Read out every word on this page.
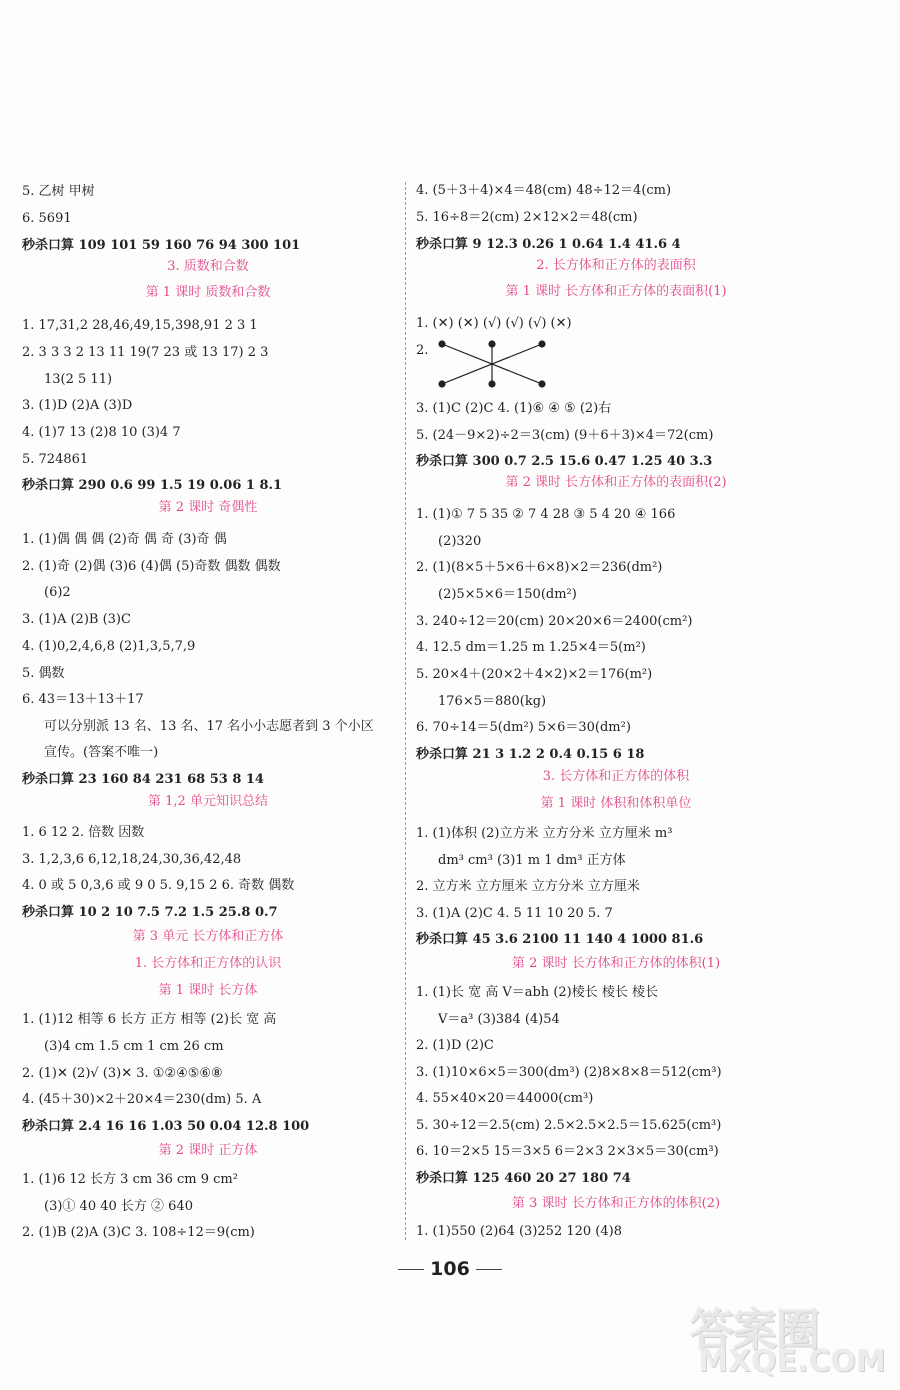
5. 乙树 甲树
6. 5691
秒杀口算 109 101 59 160 76 94 300 101
3. 质数和合数
第 1 课时 质数和合数
1. 17,31,2 28,46,49,15,398,91 2 3 1
2. 3 3 3 2 13 11 19(7 23 或 13 17) 2 3
13(2 5 11)
3. (1)D (2)A (3)D
4. (1)7 13 (2)8 10 (3)4 7
5. 724861
秒杀口算 290 0.6 99 1.5 19 0.06 1 8.1
第 2 课时 奇偶性
1. (1)偶 偶 偶 (2)奇 偶 奇 (3)奇 偶
2. (1)奇 (2)偶 (3)6 (4)偶 (5)奇数 偶数 偶数
(6)2
3. (1)A (2)B (3)C
4. (1)0,2,4,6,8 (2)1,3,5,7,9
5. 偶数
6. 43＝13＋13＋17
可以分别派 13 名、13 名、17 名小小志愿者到 3 个小区
宣传。(答案不唯一)
秒杀口算 23 160 84 231 68 53 8 14
第 1,2 单元知识总结
1. 6 12 2. 倍数 因数
3. 1,2,3,6 6,12,18,24,30,36,42,48
4. 0 或 5 0,3,6 或 9 0 5. 9,15 2 6. 奇数 偶数
秒杀口算 10 2 10 7.5 7.2 1.5 25.8 0.7
第 3 单元 长方体和正方体
1. 长方体和正方体的认识
第 1 课时 长方体
1. (1)12 相等 6 长方 正方 相等 (2)长 宽 高
(3)4 cm 1.5 cm 1 cm 26 cm
2. (1)✕ (2)√ (3)✕ 3. ①②④⑤⑥⑧
4. (45＋30)×2＋20×4＝230(dm) 5. A
秒杀口算 2.4 16 16 1.03 50 0.04 12.8 100
第 2 课时 正方体
1. (1)6 12 长方 3 cm 36 cm 9 cm²
(3)① 40 40 长方 ② 640
2. (1)B (2)A (3)C 3. 108÷12＝9(cm)
4. (5＋3＋4)×4＝48(cm) 48÷12＝4(cm)
5. 16÷8＝2(cm) 2×12×2＝48(cm)
秒杀口算 9 12.3 0.26 1 0.64 1.4 41.6 4
2. 长方体和正方体的表面积
第 1 课时 长方体和正方体的表面积(1)
1. (✕) (✕) (√) (√) (√) (✕)
2.
3. (1)C (2)C 4. (1)⑥ ④ ⑤ (2)右
5. (24－9×2)÷2＝3(cm) (9＋6＋3)×4＝72(cm)
秒杀口算 300 0.7 2.5 15.6 0.47 1.25 40 3.3
第 2 课时 长方体和正方体的表面积(2)
1. (1)① 7 5 35 ② 7 4 28 ③ 5 4 20 ④ 166
(2)320
2. (1)(8×5＋5×6＋6×8)×2＝236(dm²)
(2)5×5×6＝150(dm²)
3. 240÷12＝20(cm) 20×20×6＝2400(cm²)
4. 12.5 dm＝1.25 m 1.25×4＝5(m²)
5. 20×4＋(20×2＋4×2)×2＝176(m²)
176×5＝880(kg)
6. 70÷14＝5(dm²) 5×6＝30(dm²)
秒杀口算 21 3 1.2 2 0.4 0.15 6 18
3. 长方体和正方体的体积
第 1 课时 体积和体积单位
1. (1)体积 (2)立方米 立方分米 立方厘米 m³
dm³ cm³ (3)1 m 1 dm³ 正方体
2. 立方米 立方厘米 立方分米 立方厘米
3. (1)A (2)C 4. 5 11 10 20 5. 7
秒杀口算 45 3.6 2100 11 140 4 1000 81.6
第 2 课时 长方体和正方体的体积(1)
1. (1)长 宽 高 V＝abh (2)棱长 棱长 棱长
V＝a³ (3)384 (4)54
2. (1)D (2)C
3. (1)10×6×5＝300(dm³) (2)8×8×8＝512(cm³)
4. 55×40×20＝44000(cm³)
5. 30÷12＝2.5(cm) 2.5×2.5×2.5＝15.625(cm³)
6. 10＝2×5 15＝3×5 6＝2×3 2×3×5＝30(cm³)
秒杀口算 125 460 20 27 180 74
第 3 课时 长方体和正方体的体积(2)
1. (1)550 (2)64 (3)252 120 (4)8
106
答案圈
MXQE.COM
